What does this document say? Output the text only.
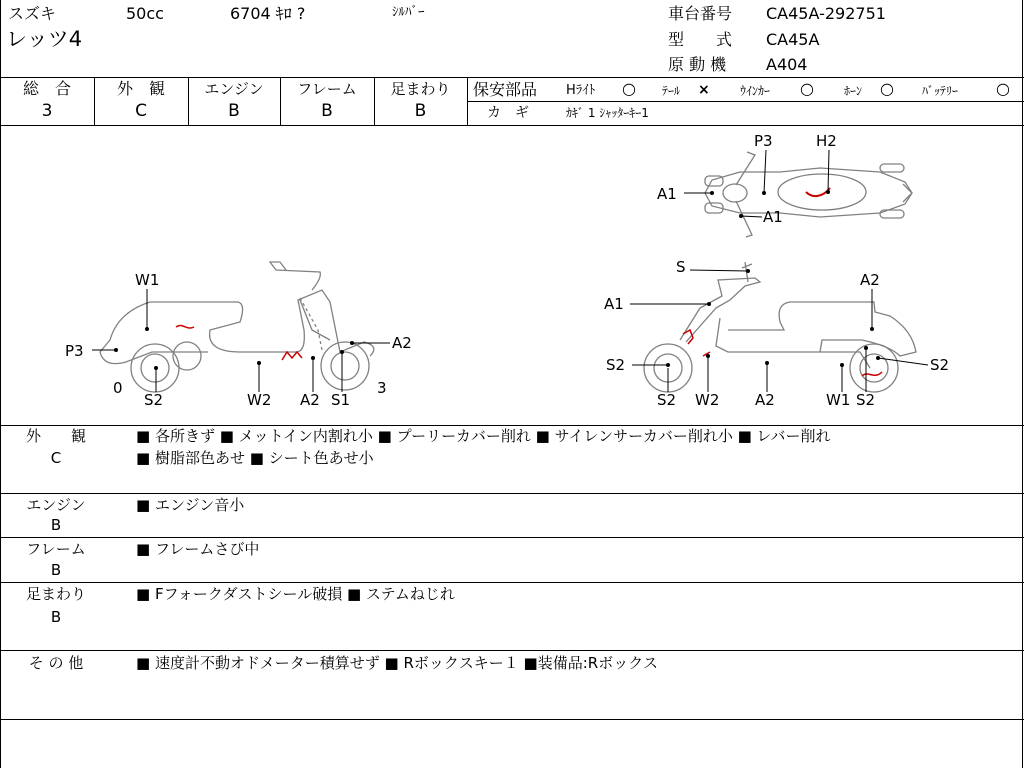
スズキ	50cc	6704 ｷﾛ ?	ｼﾙﾊﾞｰ
レッツ4
車台番号 CA45A-292751
型　　式 CA45A
原 動 機 A404
総　合
3
外　観
C
エンジン
B
フレーム
B
足まわり
B
保安部品 Hﾗｲﾄ ○ ﾃｰﾙ ×	ｳｲﾝｶｰ ○	ﾎｰﾝ ○ ﾊﾞｯﾃﾘｰ ○
カ　ギ	ｶｷﾞ 1 ｼｬｯﾀｰｷｰ1
P3	H2
A1
A1
W1
P3	A2
0
S2	W2 A2 S1
3
S
A2
A1
S2	S2
W2 A2	W1 S2
S2
外　　観
C
■ 各所きず ■ メットイン内割れ小 ■ プーリーカバー削れ ■ サイレンサーカバー削れ小 ■ レバー削れ
■ 樹脂部色あせ ■ シート色あせ小
エンジン
B
■ エンジン音小
フレーム
B
■ フレームさび中
足まわり
B
■ Fフォークダストシール破損 ■ ステムねじれ
そ の 他	■ 速度計不動オドメーター積算せず ■ Rボックスキー１ ■装備品:Rボックス
